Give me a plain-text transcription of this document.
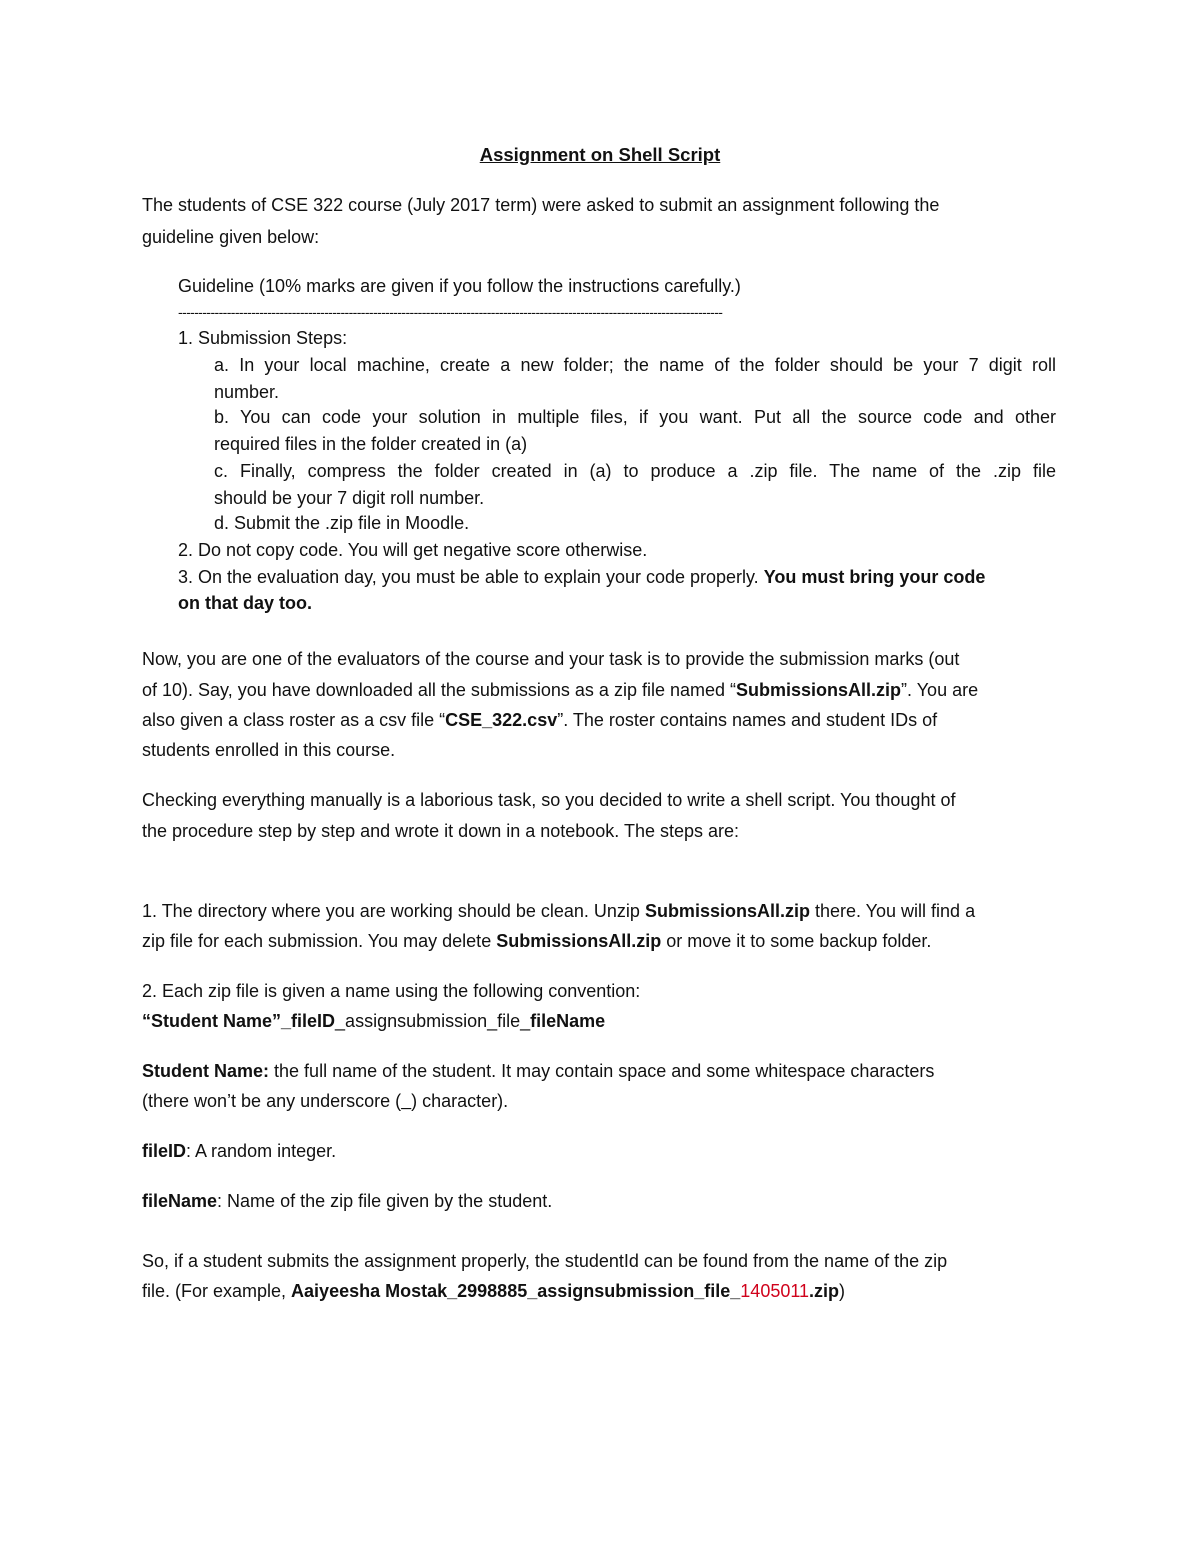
Assignment on Shell Script
The students of CSE 322 course (July 2017 term) were asked to submit an assignment following the
guideline given below:
Guideline (10% marks are given if you follow the instructions carefully.)
--------------------------------------------------------------------------------------------------------------------------------------
1. Submission Steps:
a. In your local machine, create a new folder; the name of the folder should be your 7 digit roll
number.
b. You can code your solution in multiple files, if you want. Put all the source code and other
required files in the folder created in (a)
c. Finally, compress the folder created in (a) to produce a .zip file. The name of the .zip file
should be your 7 digit roll number.
d. Submit the .zip file in Moodle.
2. Do not copy code. You will get negative score otherwise.
3. On the evaluation day, you must be able to explain your code properly. You must bring your code
on that day too.
Now, you are one of the evaluators of the course and your task is to provide the submission marks (out
of 10). Say, you have downloaded all the submissions as a zip file named “SubmissionsAll.zip”. You are
also given a class roster as a csv file “CSE_322.csv”. The roster contains names and student IDs of
students enrolled in this course.
Checking everything manually is a laborious task, so you decided to write a shell script. You thought of
the procedure step by step and wrote it down in a notebook. The steps are:
1. The directory where you are working should be clean. Unzip SubmissionsAll.zip there. You will find a
zip file for each submission. You may delete SubmissionsAll.zip or move it to some backup folder.
2. Each zip file is given a name using the following convention:
“Student Name”_fileID_assignsubmission_file_fileName
Student Name: the full name of the student. It may contain space and some whitespace characters
(there won’t be any underscore (_) character).
fileID: A random integer.
fileName: Name of the zip file given by the student.
So, if a student submits the assignment properly, the studentId can be found from the name of the zip
file. (For example, Aaiyeesha Mostak_2998885_assignsubmission_file_1405011.zip)
